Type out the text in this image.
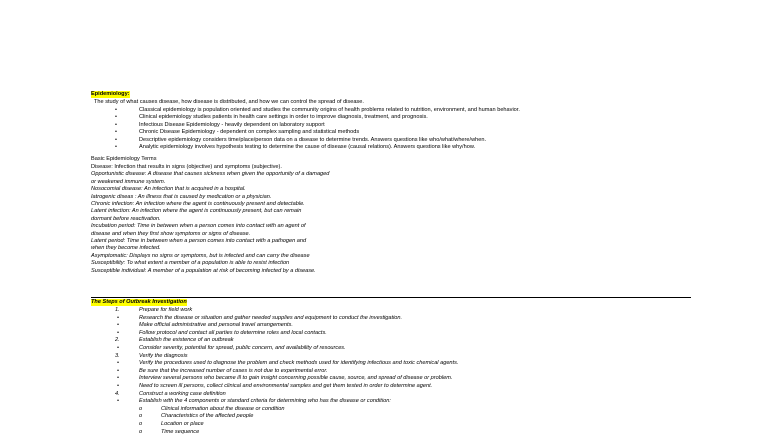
Epidemiology:
The study of what causes disease, how disease is distributed, and how we can control the spread of disease.
•	Classical epidemiology is population oriented and studies the community origins of health problems related to nutrition, environment, and human behavior.
•	Clinical epidemiology studies patients in health care settings in order to improve diagnosis, treatment, and prognosis.
•	Infectious Disease Epidemiology - heavily dependent on laboratory support
•	Chronic Disease Epidemiology - dependent on complex sampling and statistical methods
•	Descriptive epidemiology considers time/place/person data on a disease to determine trends. Answers questions like who/what/where/when.
•	Analytic epidemiology involves hypothesis testing to determine the cause of disease (causal relations). Answers questions like why/how.
Basic Epidemiology Terms
Disease: Infection that results in signs (objective) and symptoms (subjective).
Opportunistic disease: A disease that causes sickness when given the opportunity of a damaged
or weakened immune system.
Nosocomial disease: An infection that is acquired in a hospital.
Iatrogenic diseas : An illness that is caused by medication or a physician.
Chronic infection: An infection where the agent is continuously present and detectable.
Latent infection: An infection where the agent is continuously present, but can remain
dormant before reactivation.
Incubation period: Time in between when a person comes into contact with an agent of
disease and when they first show symptoms or signs of disease.
Latent period: Time in between when a person comes into contact with a pathogen and
when they become infected.
Asymptomatic: Displays no signs or symptoms, but is infected and can carry the disease
Susceptibility: To what extent a member of a population is able to resist infection
Susceptible individual: A member of a population at risk of becoming infected by a disease.
The Steps of Outbreak Investigation
1.	Prepare for field work
•	Research the disease or situation and gather needed supplies and equipment to conduct the investigation.
•	Make official administrative and personal travel arrangements.
•	Follow protocol and contact all parties to determine roles and local contacts.
2.	Establish the existence of an outbreak
•	Consider severity, potential for spread, public concern, and availability of resources.
3.	Verify the diagnosis
•	Verify the procedures used to diagnose the problem and check methods used for identifying infectious and toxic chemical agents.
•	Be sure that the increased number of cases is not due to experimental error.
•	Interview several persons who became ill to gain insight concerning possible cause, source, and spread of disease or problem.
•	Need to screen ill persons, collect clinical and environmental samples and get them tested in order to determine agent.
4.	Construct a working case definition
•	Establish with the 4 components or standard criteria for determining who has the disease or condition:
o	Clinical information about the disease or condition
o	Characteristics of the affected people
o	Location or place
o	Time sequence
